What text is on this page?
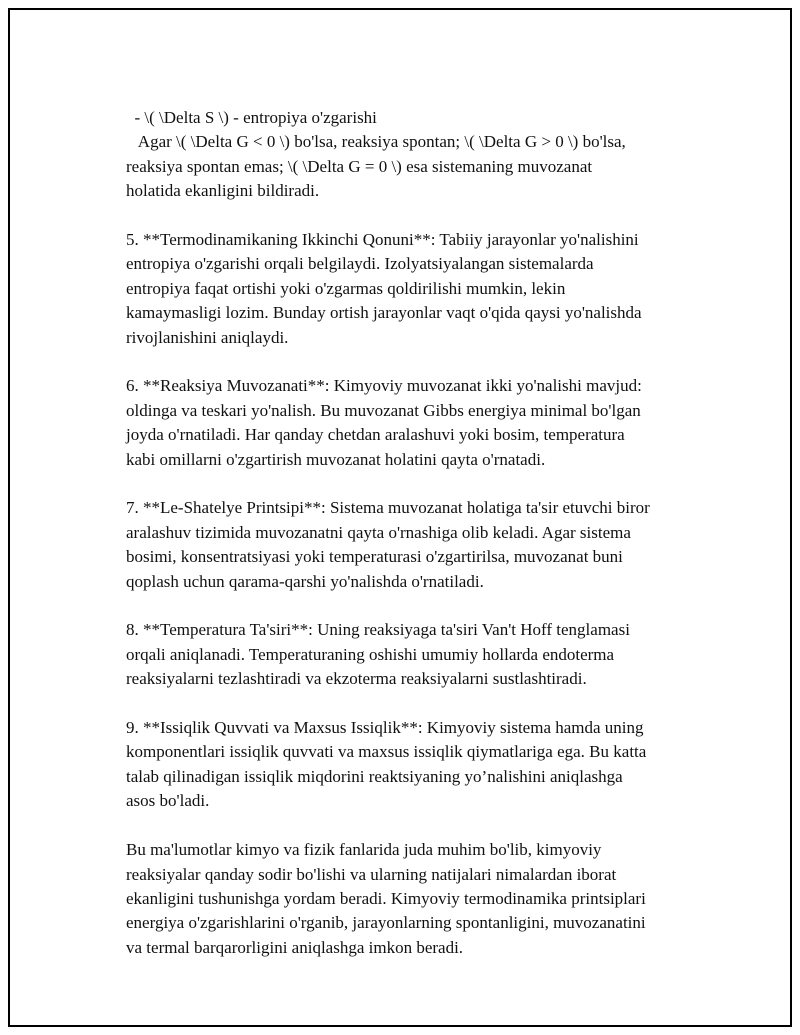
- \( \Delta S \) - entropiya o'zgarishi
Agar \( \Delta G < 0 \) bo'lsa, reaksiya spontan; \( \Delta G > 0 \) bo'lsa,
reaksiya spontan emas; \( \Delta G = 0 \) esa sistemaning muvozanat
holatida ekanligini bildiradi.

5. **Termodinamikaning Ikkinchi Qonuni**: Tabiiy jarayonlar yo'nalishini
entropiya o'zgarishi orqali belgilaydi. Izolyatsiyalangan sistemalarda
entropiya faqat ortishi yoki o'zgarmas qoldirilishi mumkin, lekin
kamaymasligi lozim. Bunday ortish jarayonlar vaqt o'qida qaysi yo'nalishda
rivojlanishini aniqlaydi.

6. **Reaksiya Muvozanati**: Kimyoviy muvozanat ikki yo'nalishi mavjud:
oldinga va teskari yo'nalish. Bu muvozanat Gibbs energiya minimal bo'lgan
joyda o'rnatiladi. Har qanday chetdan aralashuvi yoki bosim, temperatura
kabi omillarni o'zgartirish muvozanat holatini qayta o'rnatadi.

7. **Le-Shatelye Printsipi**: Sistema muvozanat holatiga ta'sir etuvchi biror
aralashuv tizimida muvozanatni qayta o'rnashiga olib keladi. Agar sistema
bosimi, konsentratsiyasi yoki temperaturasi o'zgartirilsa, muvozanat buni
qoplash uchun qarama-qarshi yo'nalishda o'rnatiladi.

8. **Temperatura Ta'siri**: Uning reaksiyaga ta'siri Van't Hoff tenglamasi
orqali aniqlanadi. Temperaturaning oshishi umumiy hollarda endoterma
reaksiyalarni tezlashtiradi va ekzoterma reaksiyalarni sustlashtiradi.

9. **Issiqlik Quvvati va Maxsus Issiqlik**: Kimyoviy sistema hamda uning
komponentlari issiqlik quvvati va maxsus issiqlik qiymatlariga ega. Bu katta
talab qilinadigan issiqlik miqdorini reaktsiyaning yo’nalishini aniqlashga
asos bo'ladi.

Bu ma'lumotlar kimyo va fizik fanlarida juda muhim bo'lib, kimyoviy
reaksiyalar qanday sodir bo'lishi va ularning natijalari nimalardan iborat
ekanligini tushunishga yordam beradi. Kimyoviy termodinamika printsiplari
energiya o'zgarishlarini o'rganib, jarayonlarning spontanligini, muvozanatini
va termal barqarorligini aniqlashga imkon beradi.
